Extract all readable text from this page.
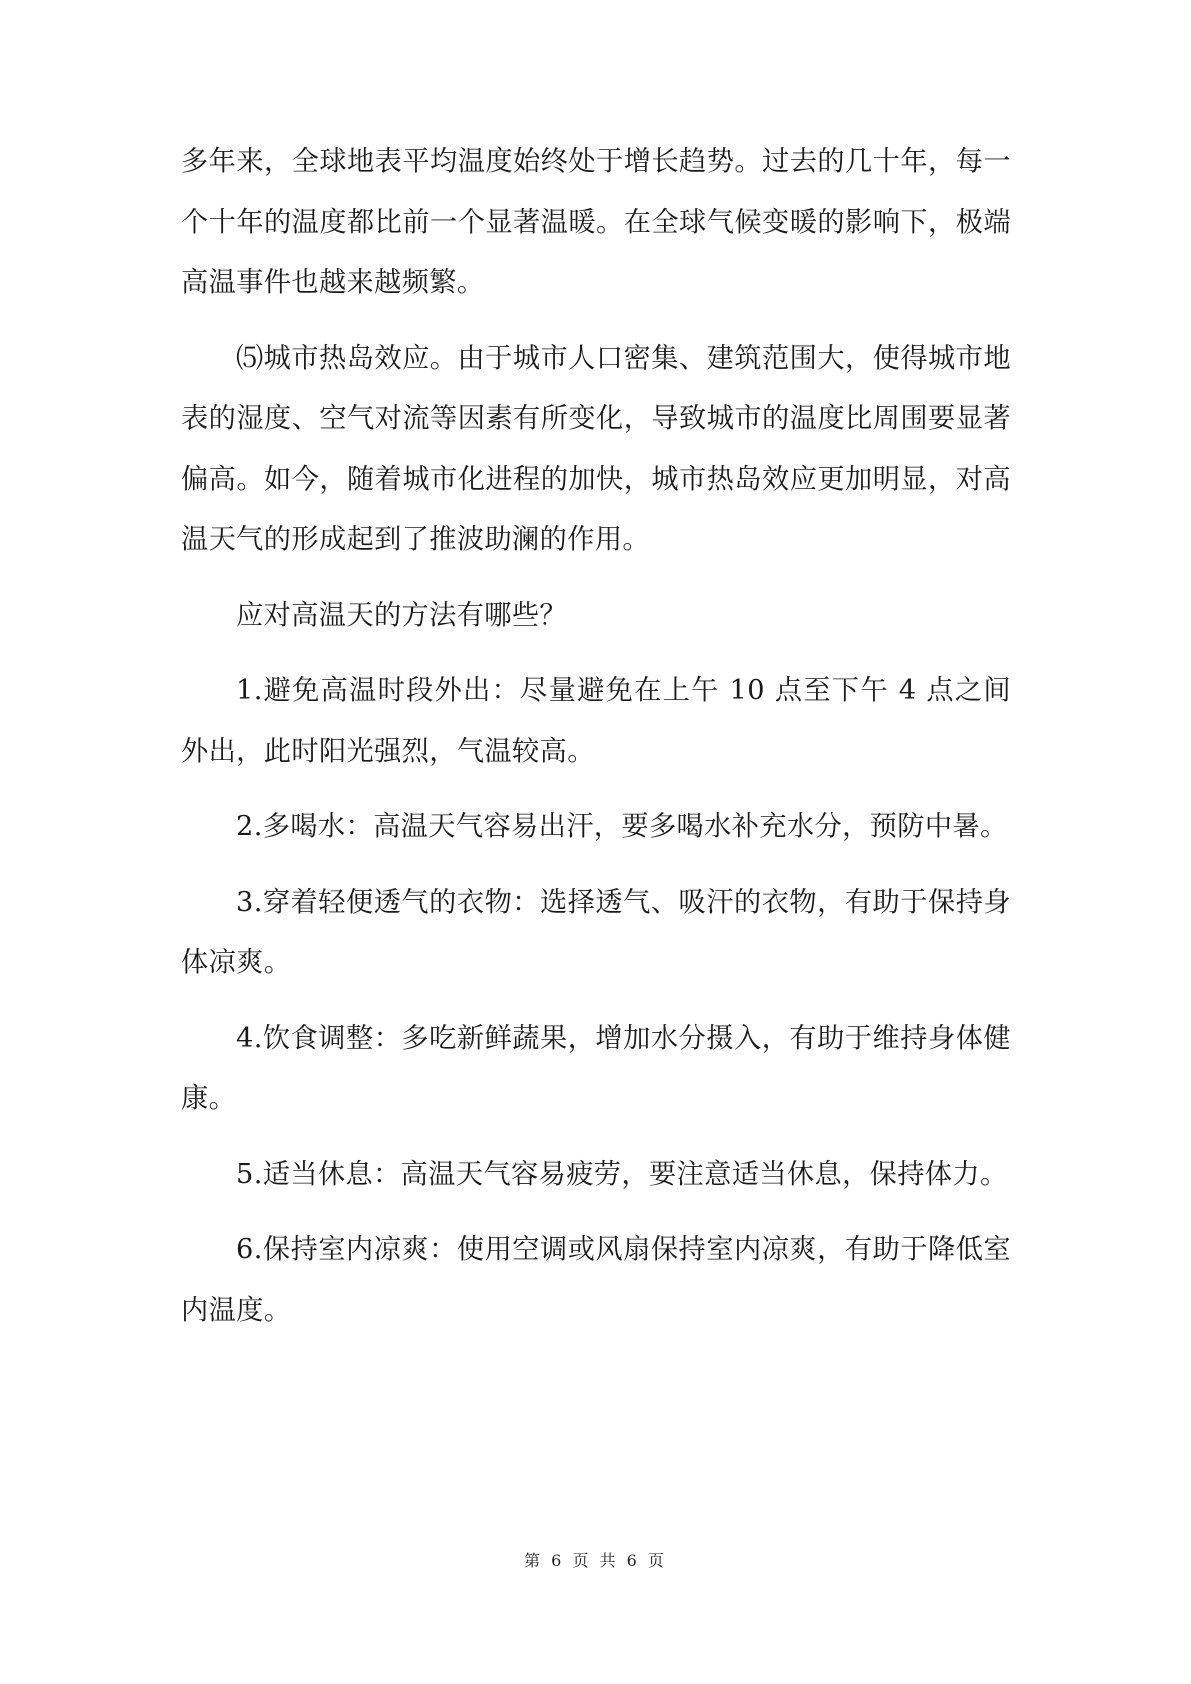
多年来，全球地表平均温度始终处于增长趋势。过去的几十年，每一个十年的温度都比前一个显著温暖。在全球气候变暖的影响下，极端高温事件也越来越频繁。

⑸城市热岛效应。由于城市人口密集、建筑范围大，使得城市地表的湿度、空气对流等因素有所变化，导致城市的温度比周围要显著偏高。如今，随着城市化进程的加快，城市热岛效应更加明显，对高温天气的形成起到了推波助澜的作用。

应对高温天的方法有哪些？

1.避免高温时段外出：尽量避免在上午 10 点至下午 4 点之间外出，此时阳光强烈，气温较高。

2.多喝水：高温天气容易出汗，要多喝水补充水分，预防中暑。

3.穿着轻便透气的衣物：选择透气、吸汗的衣物，有助于保持身体凉爽。

4.饮食调整：多吃新鲜蔬果，增加水分摄入，有助于维持身体健康。

5.适当休息：高温天气容易疲劳，要注意适当休息，保持体力。

6.保持室内凉爽：使用空调或风扇保持室内凉爽，有助于降低室内温度。

第 6 页 共 6 页
